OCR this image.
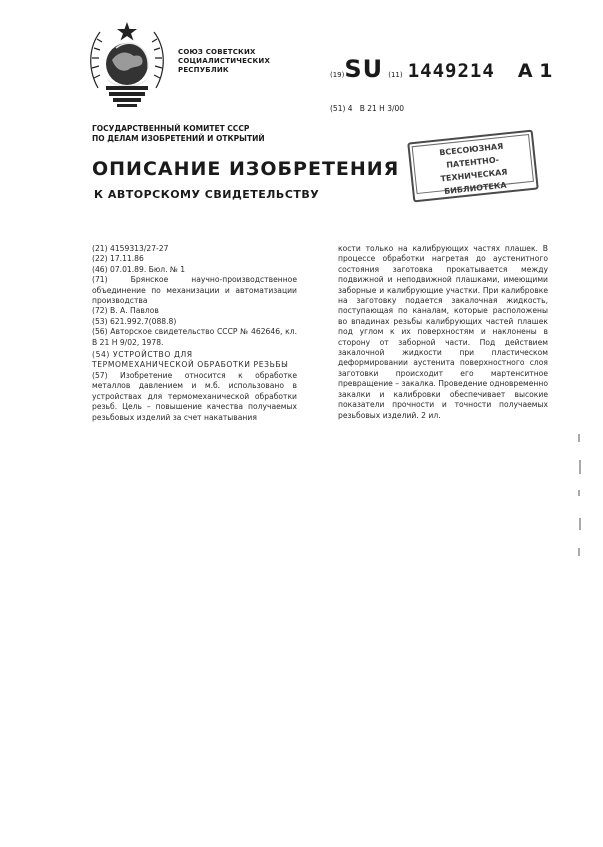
СОЮЗ СОВЕТСКИХ
СОЦИАЛИСТИЧЕСКИХ
РЕСПУБЛИК
(19)SU (11) 1449214 A 1
(51) 4 B 21 H 3/00
ГОСУДАРСТВЕННЫЙ КОМИТЕТ СССР
ПО ДЕЛАМ ИЗОБРЕТЕНИЙ И ОТКРЫТИЙ
ОПИСАНИЕ ИЗОБРЕТЕНИЯ
К АВТОРСКОМУ СВИДЕТЕЛЬСТВУ
ВСЕСОЮЗНАЯ
ПАТЕНТНО-ТЕХНИЧЕСКАЯ
БИБЛИОТЕКА

(21) 4159313/27-27

(22) 17.11.86

(46) 07.01.89. Бюл. № 1

(71) Брянское научно-производственное объединение по механизации и автоматизации производства

(72) В. А. Павлов

(53) 621.992.7(088.8)

(56) Авторское свидетельство СССР № 462646, кл. В 21 Н 9/02, 1978.

(54) УСТРОЙСТВО ДЛЯ ТЕРМОМЕХАНИЧЕСКОЙ ОБРАБОТКИ РЕЗЬБЫ

(57) Изобретение относится к обработке металлов давлением и м.б. использовано в устройствах для термомеханической обработки резьб. Цель – повышение качества получаемых резьбовых изделий за счет накатывания

кости только на калибрующих частях плашек. В процессе обработки нагретая до аустенитного состояния заготовка прокатывается между подвижной и неподвижной плашками, имеющими заборные и калибрующие участки. При калибровке на заготовку подается закалочная жидкость, поступающая по каналам, которые расположены во впадинах резьбы калибрующих частей плашек под углом к их поверхностям и наклонены в сторону от заборной части. Под действием закалочной жидкости при пластическом деформировании аустенита поверхностного слоя заготовки происходит его мартенситное превращение – закалка. Проведение одновременно закалки и калибровки обеспечивает высокие показатели прочности и точности получаемых резьбовых изделий. 2 ил.
